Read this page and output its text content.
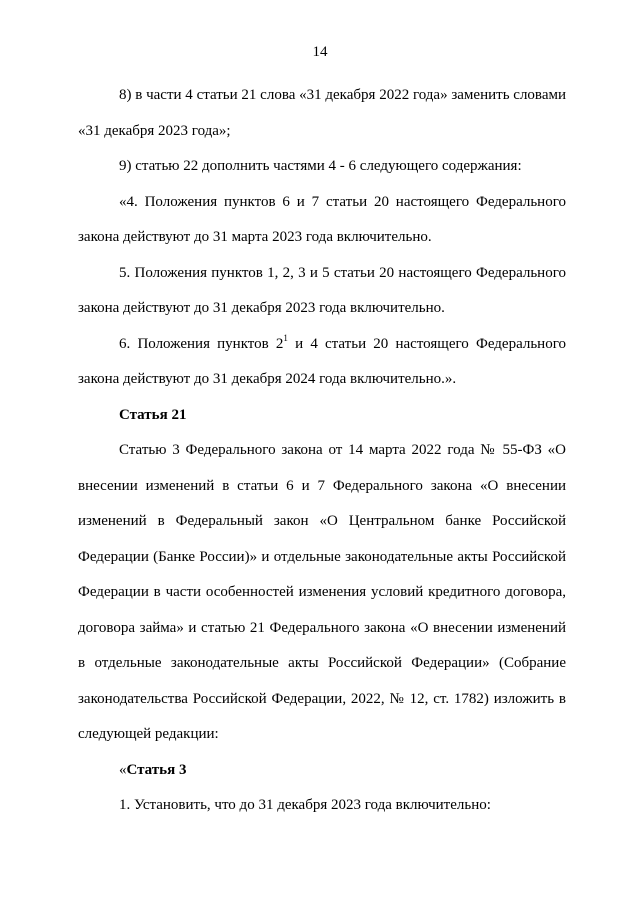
14

8) в части 4 статьи 21 слова «31 декабря 2022 года» заменить словами «31 декабря 2023 года»;

9) статью 22 дополнить частями 4 - 6 следующего содержания:

«4. Положения пунктов 6 и 7 статьи 20 настоящего Федерального закона действуют до 31 марта 2023 года включительно.

5. Положения пунктов 1, 2, 3 и 5 статьи 20 настоящего Федерального закона действуют до 31 декабря 2023 года включительно.

6. Положения пунктов $2^1$ и 4 статьи 20 настоящего Федерального закона действуют до 31 декабря 2024 года включительно.».

Статья 21

Статью 3 Федерального закона от 14 марта 2022 года № 55-ФЗ «О внесении изменений в статьи 6 и 7 Федерального закона «О внесении изменений в Федеральный закон «О Центральном банке Российской Федерации (Банке России)» и отдельные законодательные акты Российской Федерации в части особенностей изменения условий кредитного договора, договора займа» и статью 21 Федерального закона «О внесении изменений в отдельные законодательные акты Российской Федерации» (Собрание законодательства Российской Федерации, 2022, № 12, ст. 1782) изложить в следующей редакции:

«Статья 3

1. Установить, что до 31 декабря 2023 года включительно:
